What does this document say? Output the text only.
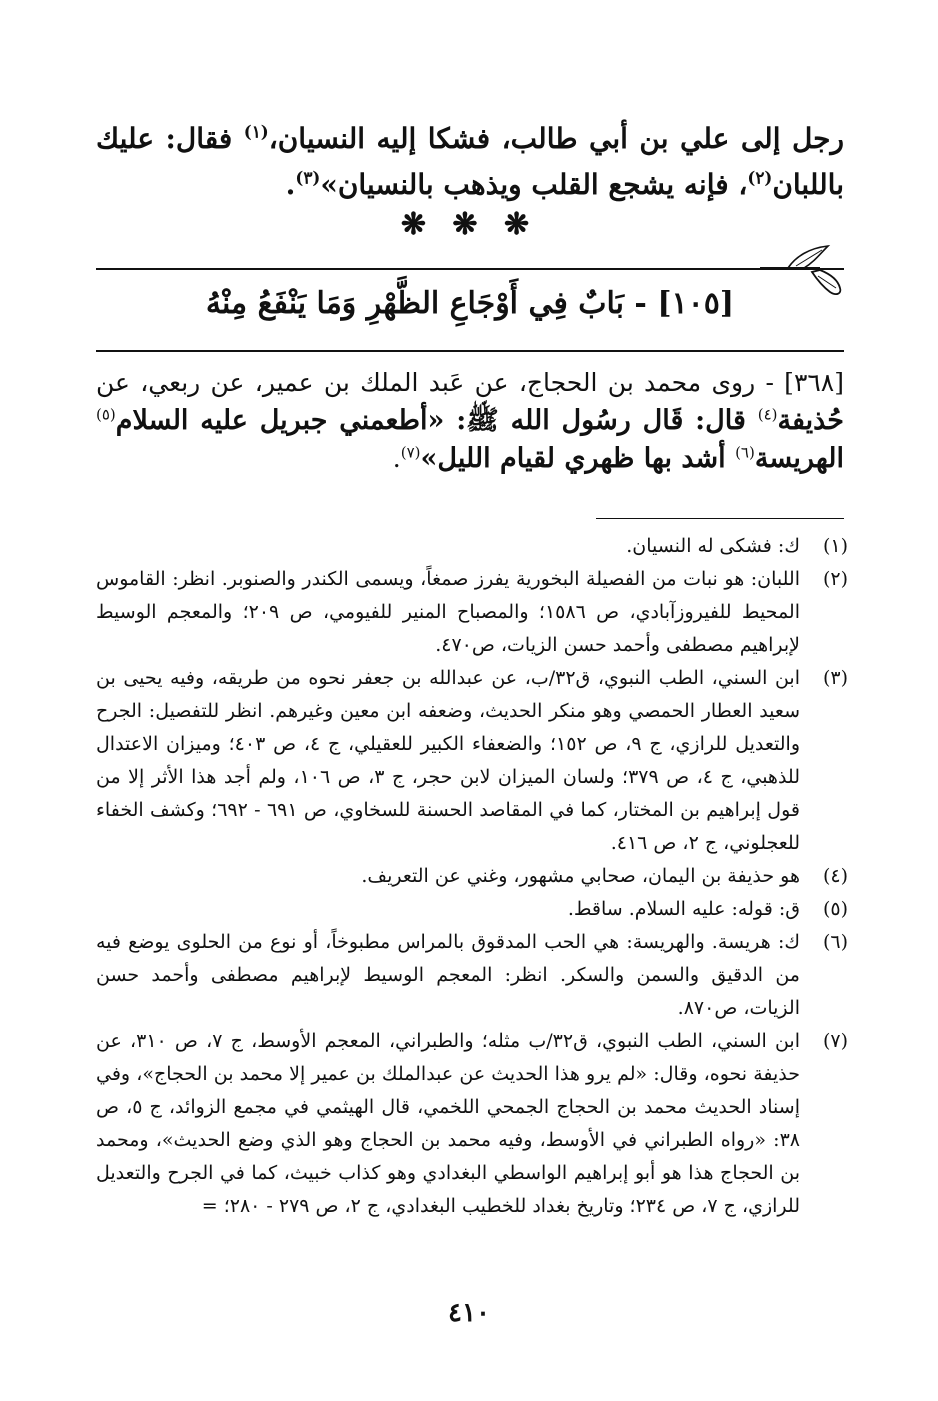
رجل إلى علي بن أبي طالب، فشكا إليه النسيان،$^{(١)}$ فقال: عليك باللبان$^{(٢)}$، فإنه يشجع القلب ويذهب بالنسيان»$^{(٣)}$.

❋ ❋ ❋
[١٠٥] - بَابٌ فِي أَوْجَاعِ الظَّهْرِ وَمَا يَنْفَعُ مِنْهُ

[٣٦٨] - روى محمد بن الحجاج، عن عَبد الملك بن عمير، عن ربعي، عن حُذيفة$^{(٤)}$ قال: قَال رسُول الله ﷺ: «أطعمني جبريل عليه السلام$^{(٥)}$ الهريسة$^{(٦)}$ أشد بها ظهري لقيام الليل»$^{(٧)}$.

(١)
ك: فشكى له النسيان.
(٢)
اللبان: هو نبات من الفصيلة البخورية يفرز صمغاً، ويسمى الكندر والصنوبر. انظر: القاموس المحيط للفيروزآبادي، ص ١٥٨٦؛ والمصباح المنير للفيومي، ص ٢٠٩؛ والمعجم الوسيط لإبراهيم مصطفى وأحمد حسن الزيات، ص٤٧٠.
(٣)
ابن السني، الطب النبوي، ق٣٢/ب، عن عبدالله بن جعفر نحوه من طريقه، وفيه يحيى بن سعيد العطار الحمصي وهو منكر الحديث، وضعفه ابن معين وغيرهم. انظر للتفصيل: الجرح والتعديل للرازي، ج ٩، ص ١٥٢؛ والضعفاء الكبير للعقيلي، ج ٤، ص ٤٠٣؛ وميزان الاعتدال للذهبي، ج ٤، ص ٣٧٩؛ ولسان الميزان لابن حجر، ج ٣، ص ١٠٦، ولم أجد هذا الأثر إلا من قول إبراهيم بن المختار، كما في المقاصد الحسنة للسخاوي، ص ٦٩١ - ٦٩٢؛ وكشف الخفاء للعجلوني، ج ٢، ص ٤١٦.
(٤)
هو حذيفة بن اليمان، صحابي مشهور، وغني عن التعريف.
(٥)
ق: قوله: عليه السلام. ساقط.
(٦)
ك: هريسة. والهريسة: هي الحب المدقوق بالمراس مطبوخاً، أو نوع من الحلوى يوضع فيه من الدقيق والسمن والسكر. انظر: المعجم الوسيط لإبراهيم مصطفى وأحمد حسن الزيات، ص٨٧٠.
(٧)
ابن السني، الطب النبوي، ق٣٢/ب مثله؛ والطبراني، المعجم الأوسط، ج ٧، ص ٣١٠، عن حذيفة نحوه، وقال: «لم يرو هذا الحديث عن عبدالملك بن عمير إلا محمد بن الحجاج»، وفي إسناد الحديث محمد بن الحجاج الجمحي اللخمي، قال الهيثمي في مجمع الزوائد، ج ٥، ص ٣٨: «رواه الطبراني في الأوسط، وفيه محمد بن الحجاج وهو الذي وضع الحديث»، ومحمد بن الحجاج هذا هو أبو إبراهيم الواسطي البغدادي وهو كذاب خبيث، كما في الجرح والتعديل للرازي، ج ٧، ص ٢٣٤؛ وتاريخ بغداد للخطيب البغدادي، ج ٢، ص ٢٧٩ - ٢٨٠؛ =
٤١٠
